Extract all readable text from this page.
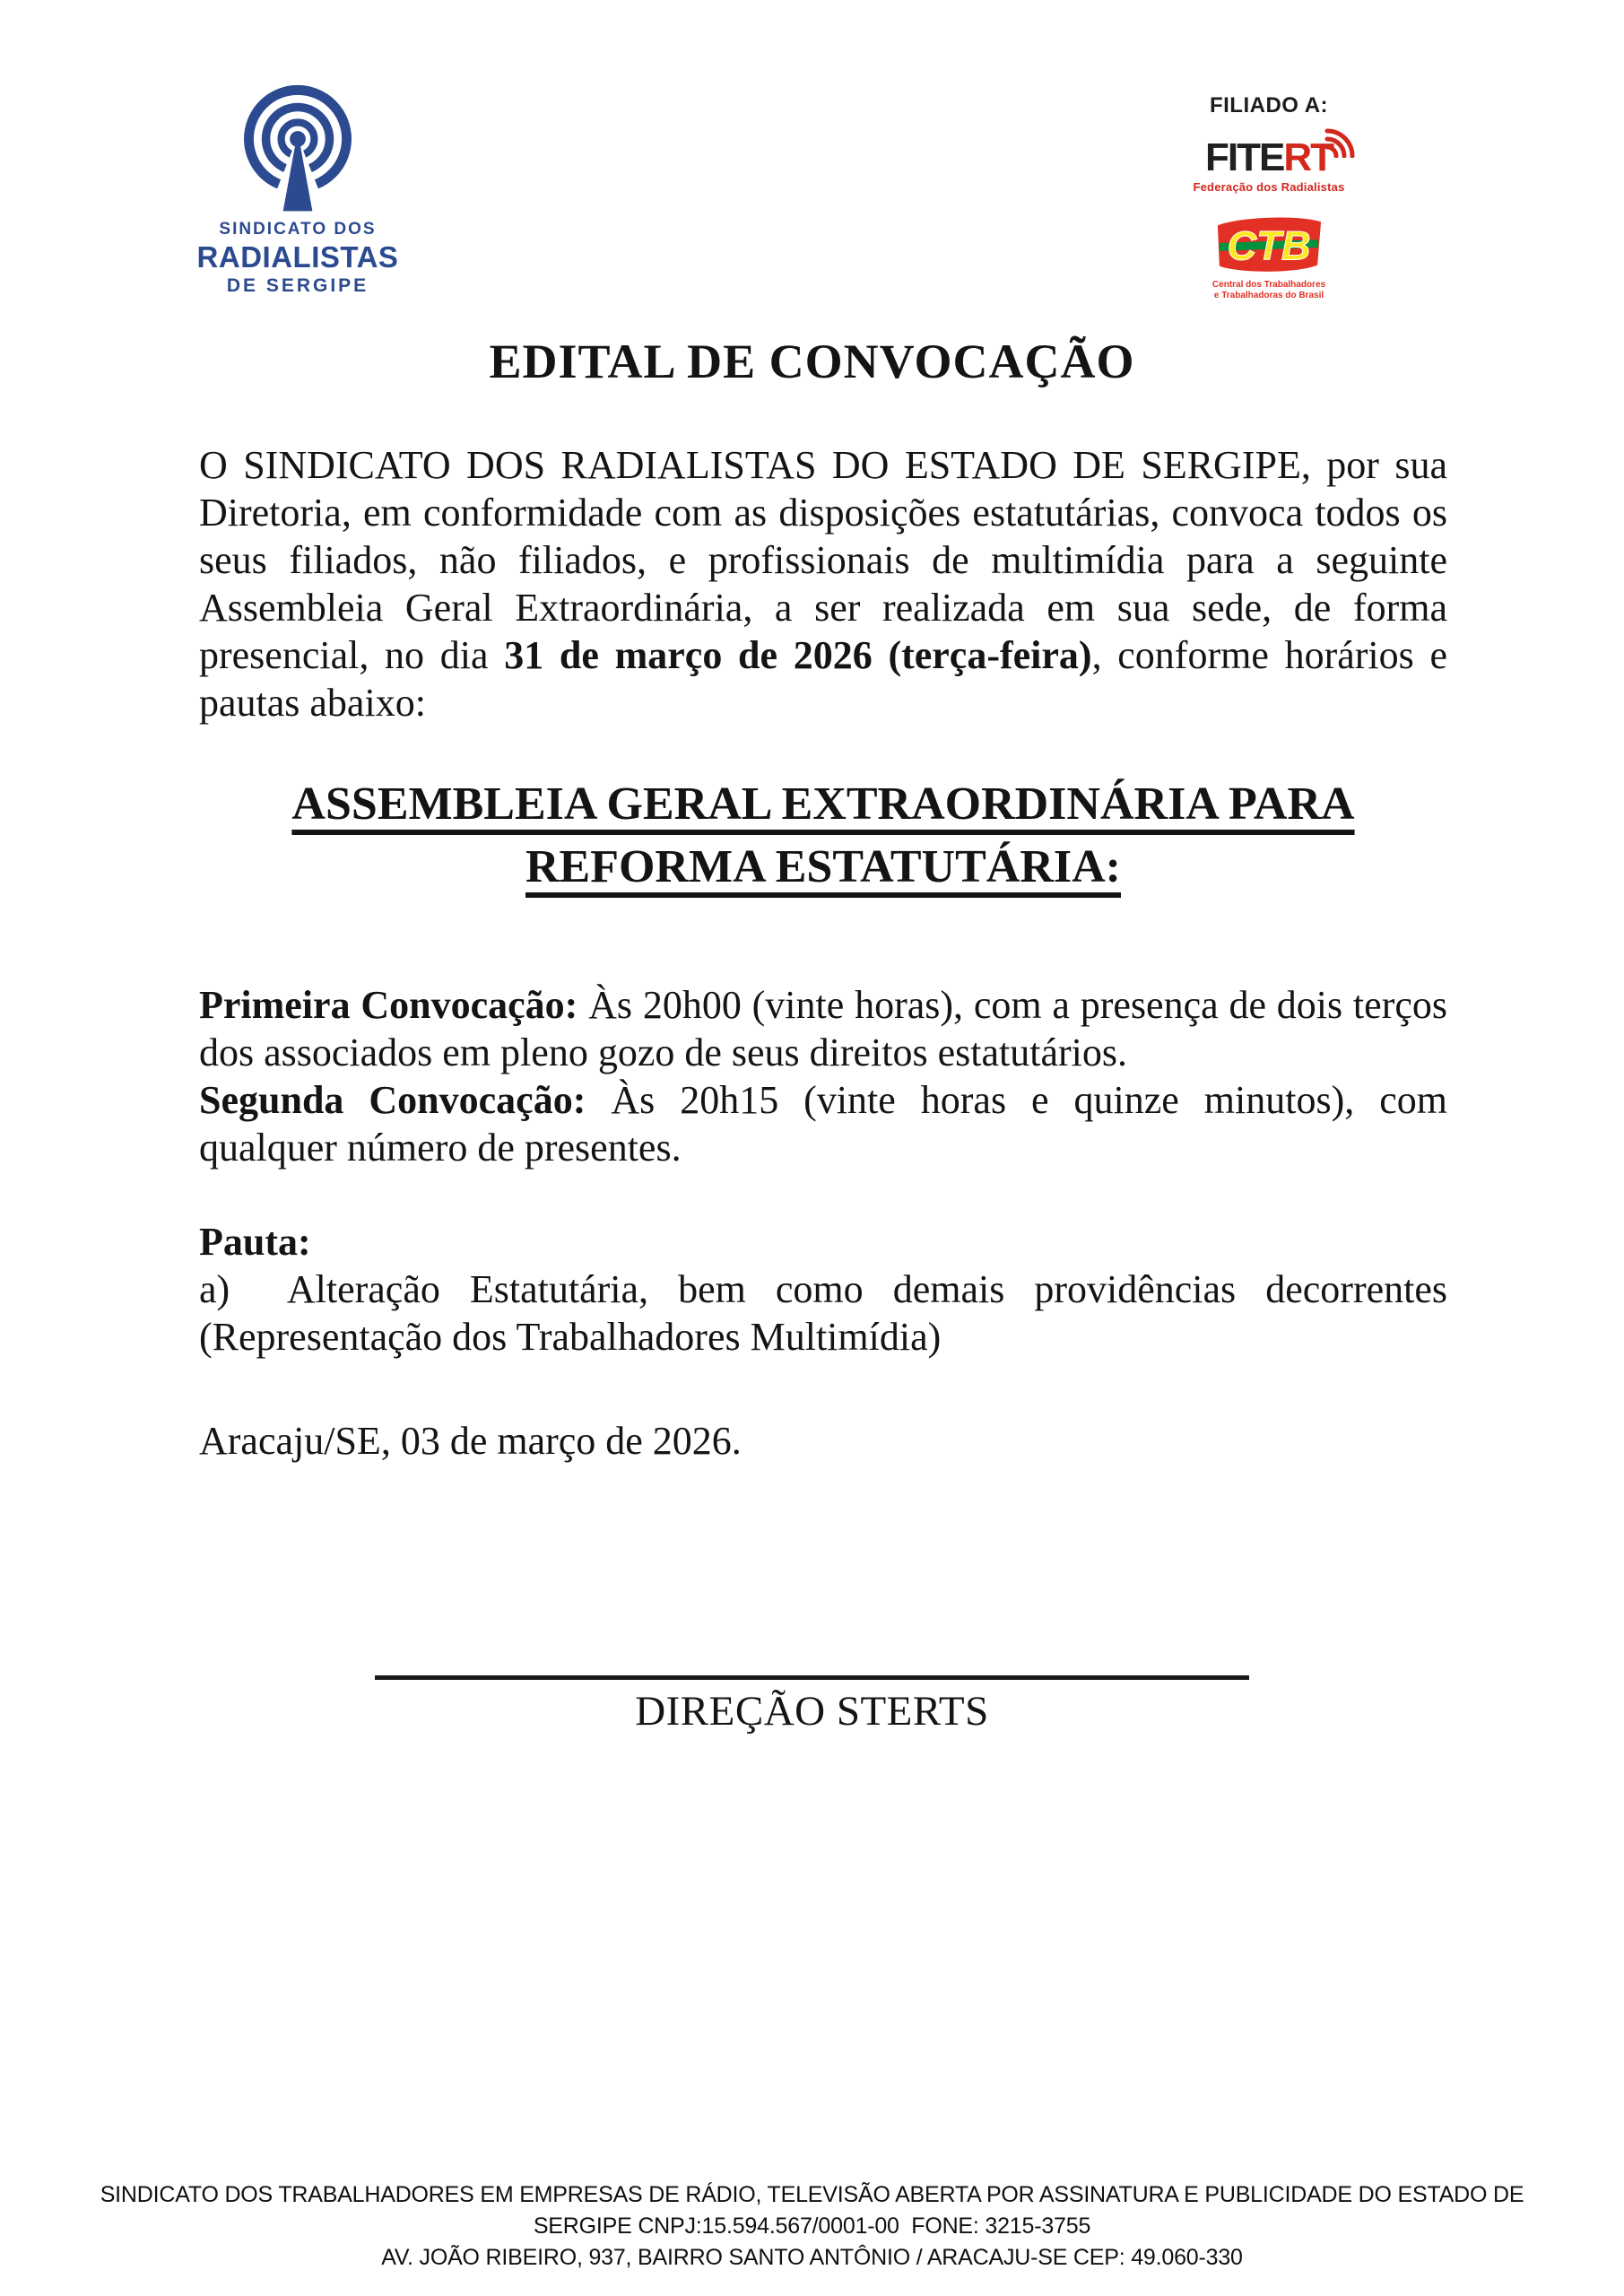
SINDICATO DOS
RADIALISTAS
DE SERGIPE
FILIADO A:
FITERT
Federação dos Radialistas
CTB
Central dos Trabalhadores
e Trabalhadoras do Brasil
EDITAL DE CONVOCAÇÃO

O SINDICATO DOS RADIALISTAS DO ESTADO DE SERGIPE, por sua Diretoria, em conformidade com as disposições estatutárias, convoca todos os seus filiados, não filiados, e profissionais de multimídia para a seguinte Assembleia Geral Extraordinária, a ser realizada em sua sede, de forma presencial, no dia 31 de março de 2026 (terça-feira), conforme horários e pautas abaixo:

ASSEMBLEIA GERAL EXTRAORDINÁRIA PARA REFORMA ESTATUTÁRIA:

Primeira Convocação: Às 20h00 (vinte horas), com a presença de dois terços dos associados em pleno gozo de seus direitos estatutários.

Segunda Convocação: Às 20h15 (vinte horas e quinze minutos), com qualquer número de presentes.

Pauta:

a)  Alteração Estatutária, bem como demais providências decorrentes (Representação dos Trabalhadores Multimídia)

Aracaju/SE, 03 de março de 2026.

DIREÇÃO STERTS
SINDICATO DOS TRABALHADORES EM EMPRESAS DE RÁDIO, TELEVISÃO ABERTA POR ASSINATURA E PUBLICIDADE DO ESTADO DE
SERGIPE CNPJ:15.594.567/0001-00  FONE: 3215-3755
AV. JOÃO RIBEIRO, 937, BAIRRO SANTO ANTÔNIO / ARACAJU-SE CEP: 49.060-330
